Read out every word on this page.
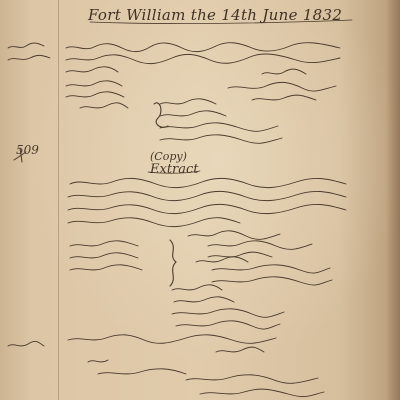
Fort William the 14th June 1832
509	(Copy)
Extract
